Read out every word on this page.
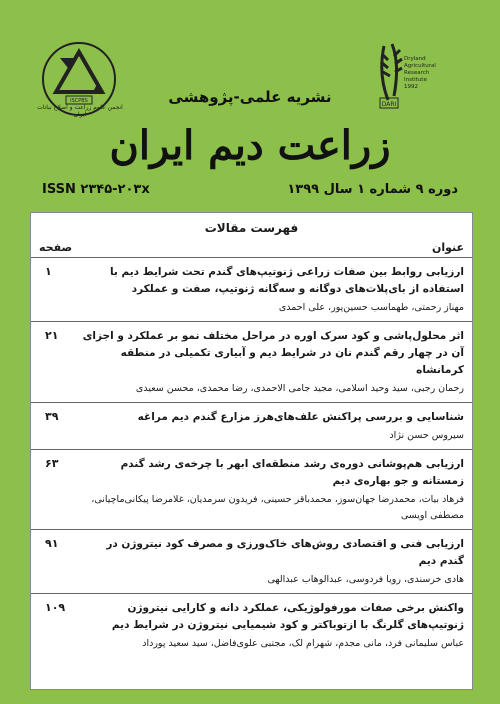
ISCPBS
انجمن علوم زراعت و اصلاح نباتات ایران
DARI
Dryland
Agricultural
Research
Institute
1992
نشریه علمی-پژوهشی
زراعت دیم ایران
ISSN ۲۳۴۵-۲۰۳x	دوره ۹ شماره ۱ سال ۱۳۹۹
فهرست مقالات
عنوان
صفحه
۱	ارزیابی روابط بین صفات زراعی ژنوتیپ‌های گندم تحت شرایط دیم با استفاده از بای‌پلات‌های دوگانه و سه‌گانه ژنوتیپ، صفت و عملکرد
مهناز رحمتی، طهماسب حسین‌پور، علی احمدی
۲۱	اثر محلول‌پاشی و کود سرک اوره در مراحل مختلف نمو بر عملکرد و اجزای آن در چهار رقم گندم نان در شرایط دیم و آبیاری تکمیلی در منطقه کرمانشاه
رحمان رجبی، سید وحید اسلامی، مجید جامی الاحمدی، رضا محمدی، محسن سعیدی
۳۹	شناسایی و بررسی پراکنش علف‌های‌هرز مزارع گندم دیم مراغه
سیروس حسن نژاد
۶۳	ارزیابی هم‌پوشانی دوره‌ی رشد منطقه‌ای ابهر با چرخه‌ی رشد گندم زمستانه و جو بهاره‌ی دیم
فرهاد بیات، محمدرضا جهان‌سوز، محمدباقر حسینی، فریدون سرمدیان، غلامرضا پیکانی‌ماچیانی، مصطفی اویسی
۹۱	ارزیابی فنی و اقتصادی روش‌های خاک‌ورزی و مصرف کود نیتروژن در گندم دیم
هادی خرسندی، رویا فردوسی، عبدالوهاب عبدالهی
۱۰۹	واکنش برخی صفات مورفولوژیکی، عملکرد دانه و کارایی نیتروژن ژنوتیپ‌های گلرنگ با ازتوباکتر و کود شیمیایی نیتروژن در شرایط دیم
عباس سلیمانی فرد، مانی مجدم، شهرام لک، مجتبی علوی‌فاضل، سید سعید پورداد
